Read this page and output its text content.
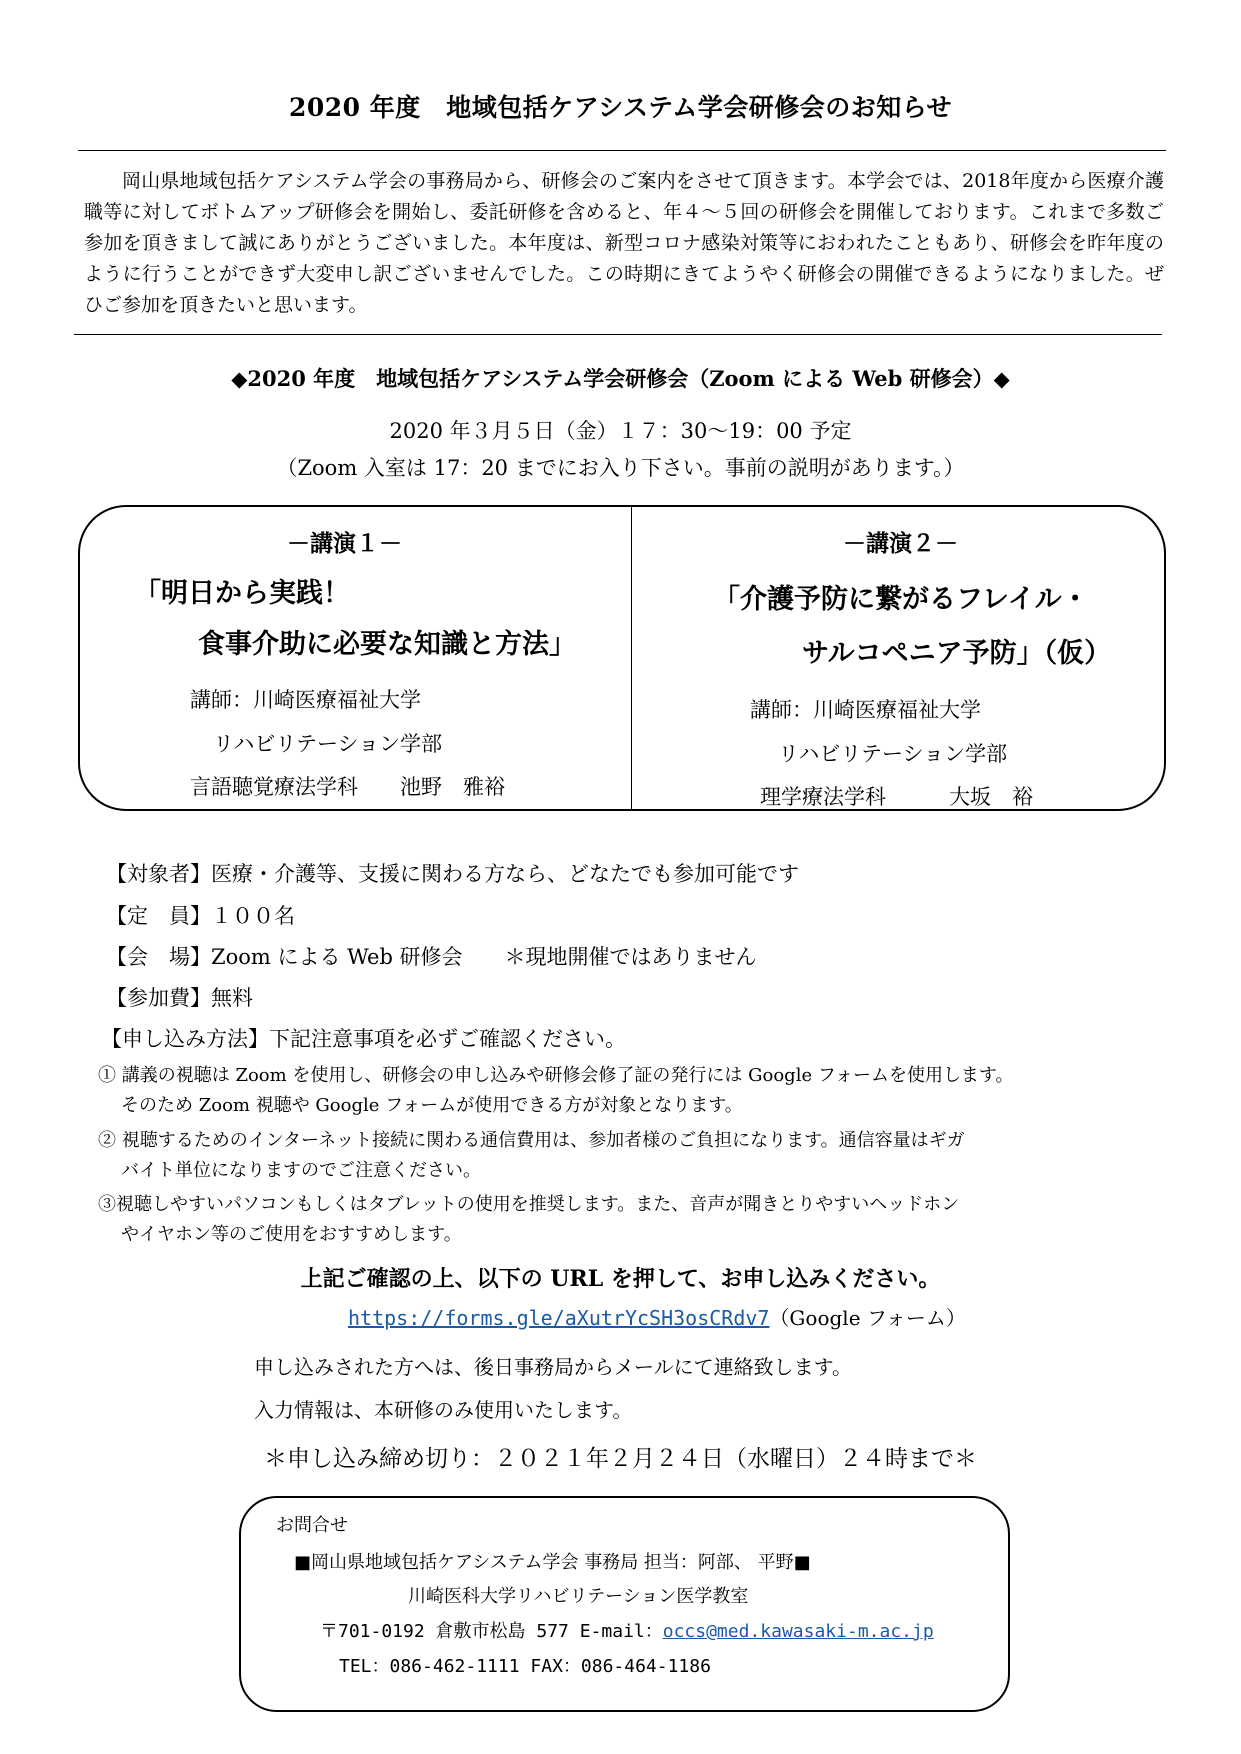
2020 年度　地域包括ケアシステム学会研修会のお知らせ
岡山県地域包括ケアシステム学会の事務局から、研修会のご案内をさせて頂きます。本学会では、2018年度から医療介護職等に対してボトムアップ研修会を開始し、委託研修を含めると、年４～５回の研修会を開催しております。これまで多数ご参加を頂きまして誠にありがとうございました。本年度は、新型コロナ感染対策等におわれたこともあり、研修会を昨年度のように行うことができず大変申し訳ございませんでした。この時期にきてようやく研修会の開催できるようになりました。ぜひご参加を頂きたいと思います。
◆2020 年度　地域包括ケアシステム学会研修会（Zoom による Web 研修会）◆
2020 年３月５日（金）１７：30～19：00 予定
（Zoom 入室は 17：20 までにお入り下さい。事前の説明があります。）
－講演１－
「明日から実践！
食事介助に必要な知識と方法」
講師：川崎医療福祉大学
リハビリテーション学部
言語聴覚療法学科　　池野　雅裕
－講演２－
「介護予防に繋がるフレイル・
サルコペニア予防」（仮）
講師：川崎医療福祉大学
リハビリテーション学部
理学療法学科　　　大坂　裕
【対象者】医療・介護等、支援に関わる方なら、どなたでも参加可能です
【定　員】１００名
【会　場】Zoom による Web 研修会　　＊現地開催ではありません
【参加費】無料
【申し込み方法】下記注意事項を必ずご確認ください。
① 講義の視聴は Zoom を使用し、研修会の申し込みや研修会修了証の発行には Google フォームを使用します。
そのため Zoom 視聴や Google フォームが使用できる方が対象となります。
② 視聴するためのインターネット接続に関わる通信費用は、参加者様のご負担になります。通信容量はギガ
バイト単位になりますのでご注意ください。
③視聴しやすいパソコンもしくはタブレットの使用を推奨します。また、音声が聞きとりやすいヘッドホン
やイヤホン等のご使用をおすすめします。
上記ご確認の上、以下の URL を押して、お申し込みください。
https://forms.gle/aXutrYcSH3osCRdv7（Google フォーム）
申し込みされた方へは、後日事務局からメールにて連絡致します。
入力情報は、本研修のみ使用いたします。
＊申し込み締め切り：２０２１年２月２４日（水曜日）２４時まで＊
お問合せ
■岡山県地域包括ケアシステム学会 事務局 担当：阿部、 平野■
川崎医科大学リハビリテーション医学教室
〒701-0192 倉敷市松島 577 E-mail：occs@med.kawasaki-m.ac.jp
TEL：086-462-1111 FAX：086-464-1186
